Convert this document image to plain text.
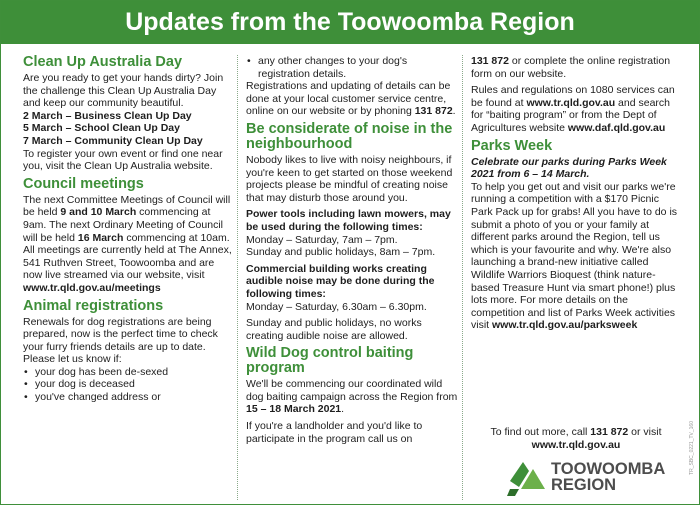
Updates from the Toowoomba Region
Clean Up Australia Day
Are you ready to get your hands dirty? Join the challenge this Clean Up Australia Day and keep our community beautiful.
2 March – Business Clean Up Day
5 March – School Clean Up Day
7 March – Community Clean Up Day

To register your own event or find one near you, visit the Clean Up Australia website.

Council meetings

The next Committee Meetings of Council will be held 9 and 10 March commencing at 9am. The next Ordinary Meeting of Council will be held 16 March commencing at 10am. All meetings are currently held at The Annex, 541 Ruthven Street, Toowoomba and are now live streamed via our website, visit www.tr.qld.gov.au/meetings

Animal registrations
Renewals for dog registrations are being prepared, now is the perfect time to check your furry friends details are up to date. Please let us know if:
• your dog has been de-sexed
• your dog is deceased
• you've changed address or
• any other changes to your dog's registration details.

Registrations and updating of details can be done at your local customer service centre, online on our website or by phoning 131 872.

Be considerate of noise in the neighbourhood

Nobody likes to live with noisy neighbours, if you're keen to get started on those weekend projects please be mindful of creating noise that may disturb those around you.

Power tools including lawn mowers, may be used during the following times:
Monday – Saturday, 7am – 7pm.

Sunday and public holidays, 8am – 7pm.

Commercial building works creating audible noise may be done during the following times:

Monday – Saturday, 6.30am – 6.30pm.

Sunday and public holidays, no works creating audible noise are allowed.

Wild Dog control baiting program

We'll be commencing our coordinated wild dog baiting campaign across the Region from 15 – 18 March 2021.

If you're a landholder and you'd like to participate in the program call us on

131 872 or complete the online registration form on our website.

Rules and regulations on 1080 services can be found at www.tr.qld.gov.au and search for “baiting program” or from the Dept of Agricultures website www.daf.qld.gov.au

Parks Week
Celebrate our parks during Parks Week 2021 from 6 – 14 March.

To help you get out and visit our parks we're running a competition with a $170 Picnic Park Pack up for grabs! All you have to do is submit a photo of you or your family at different parks around the Region, tell us which is your favourite and why. We're also launching a brand-new initiative called Wildlife Warriors Bioquest (think nature-based Treasure Hunt via smart phone!) plus lots more. For more details on the competition and list of Parks Week activities visit www.tr.qld.gov.au/parksweek

To find out more, call 131 872 or visit www.tr.qld.gov.au
TOOWOOMBA
REGION
TR_SBC_0221_TV_160
